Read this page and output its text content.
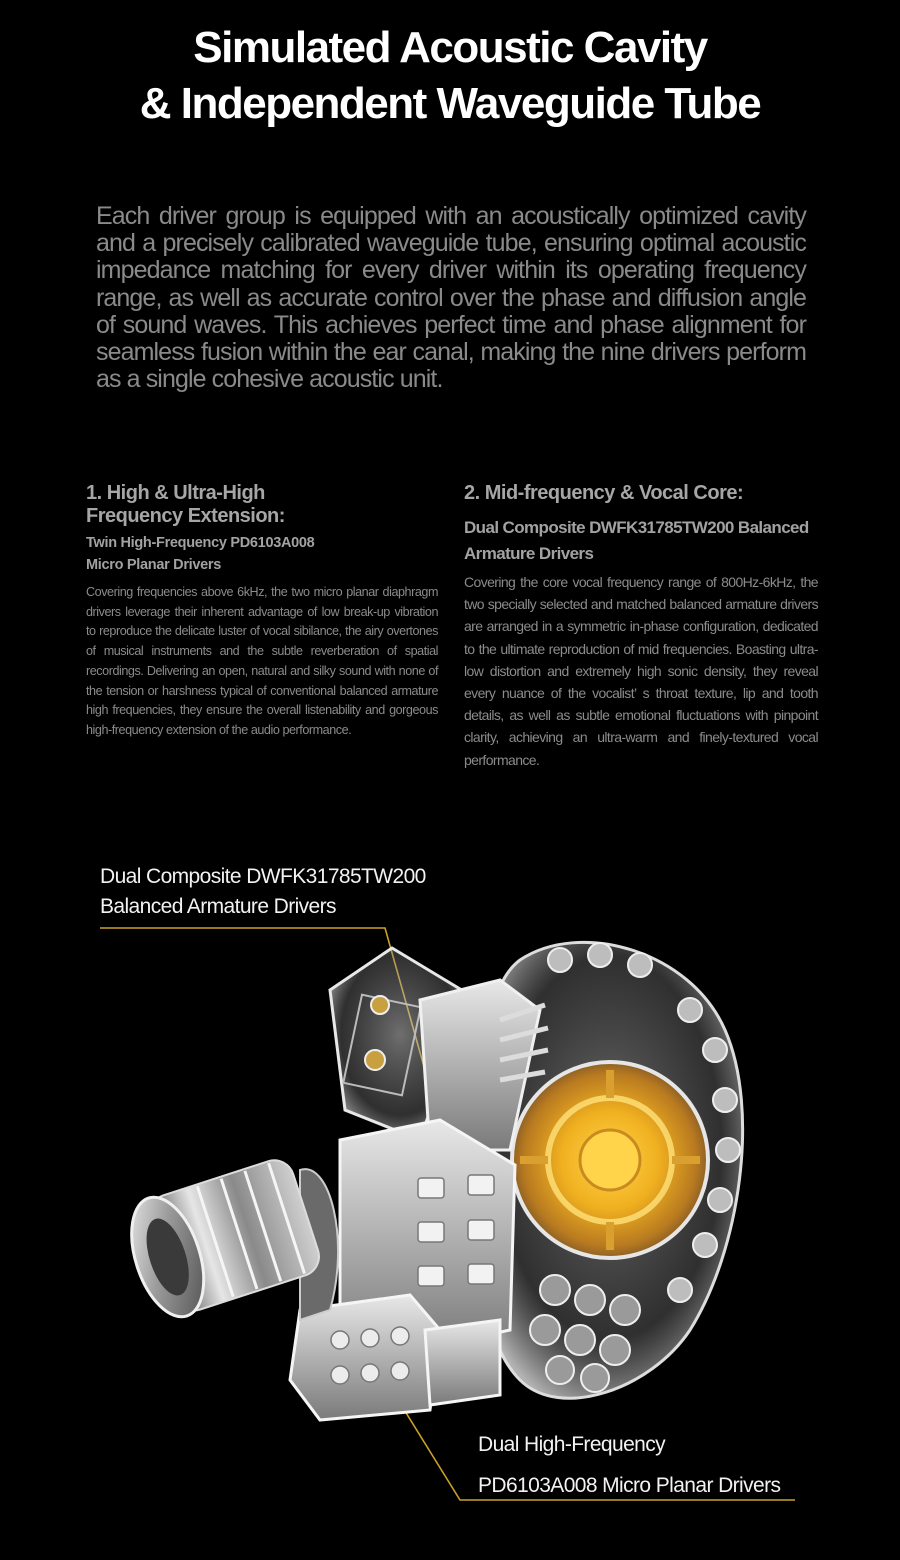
Simulated Acoustic Cavity
& Independent Waveguide Tube
Each driver group is equipped with an acoustically optimized cavity and a precisely calibrated waveguide tube, ensuring optimal acoustic impedance matching for every driver within its operating frequency range, as well as accurate control over the phase and diffusion angle of sound waves. This achieves perfect time and phase alignment for seamless fusion within the ear canal, making the nine drivers perform as a single cohesive acoustic unit.
1. High & Ultra-High
Frequency Extension:
Twin High-Frequency PD6103A008
Micro Planar Drivers
Covering frequencies above 6kHz, the two micro planar diaphragm drivers leverage their inherent advantage of low break-up vibration to reproduce the delicate luster of vocal sibilance, the airy overtones of musical instruments and the subtle reverberation of spatial recordings. Delivering an open, natural and silky sound with none of the tension or harshness typical of conventional balanced armature high frequencies, they ensure the overall listenability and gorgeous high-frequency extension of the audio performance.
2. Mid-frequency & Vocal Core:
Dual Composite DWFK31785TW200 Balanced
Armature Drivers
Covering the core vocal frequency range of 800Hz-6kHz, the two specially selected and matched balanced armature drivers are arranged in a symmetric in-phase configuration, dedicated to the ultimate reproduction of mid frequencies. Boasting ultra-low distortion and extremely high sonic density, they reveal every nuance of the vocalist’ s throat texture, lip and tooth details, as well as subtle emotional fluctuations with pinpoint clarity, achieving an ultra-warm and finely-textured vocal performance.
Dual Composite DWFK31785TW200
Balanced Armature Drivers
Dual High-Frequency
PD6103A008 Micro Planar Drivers
